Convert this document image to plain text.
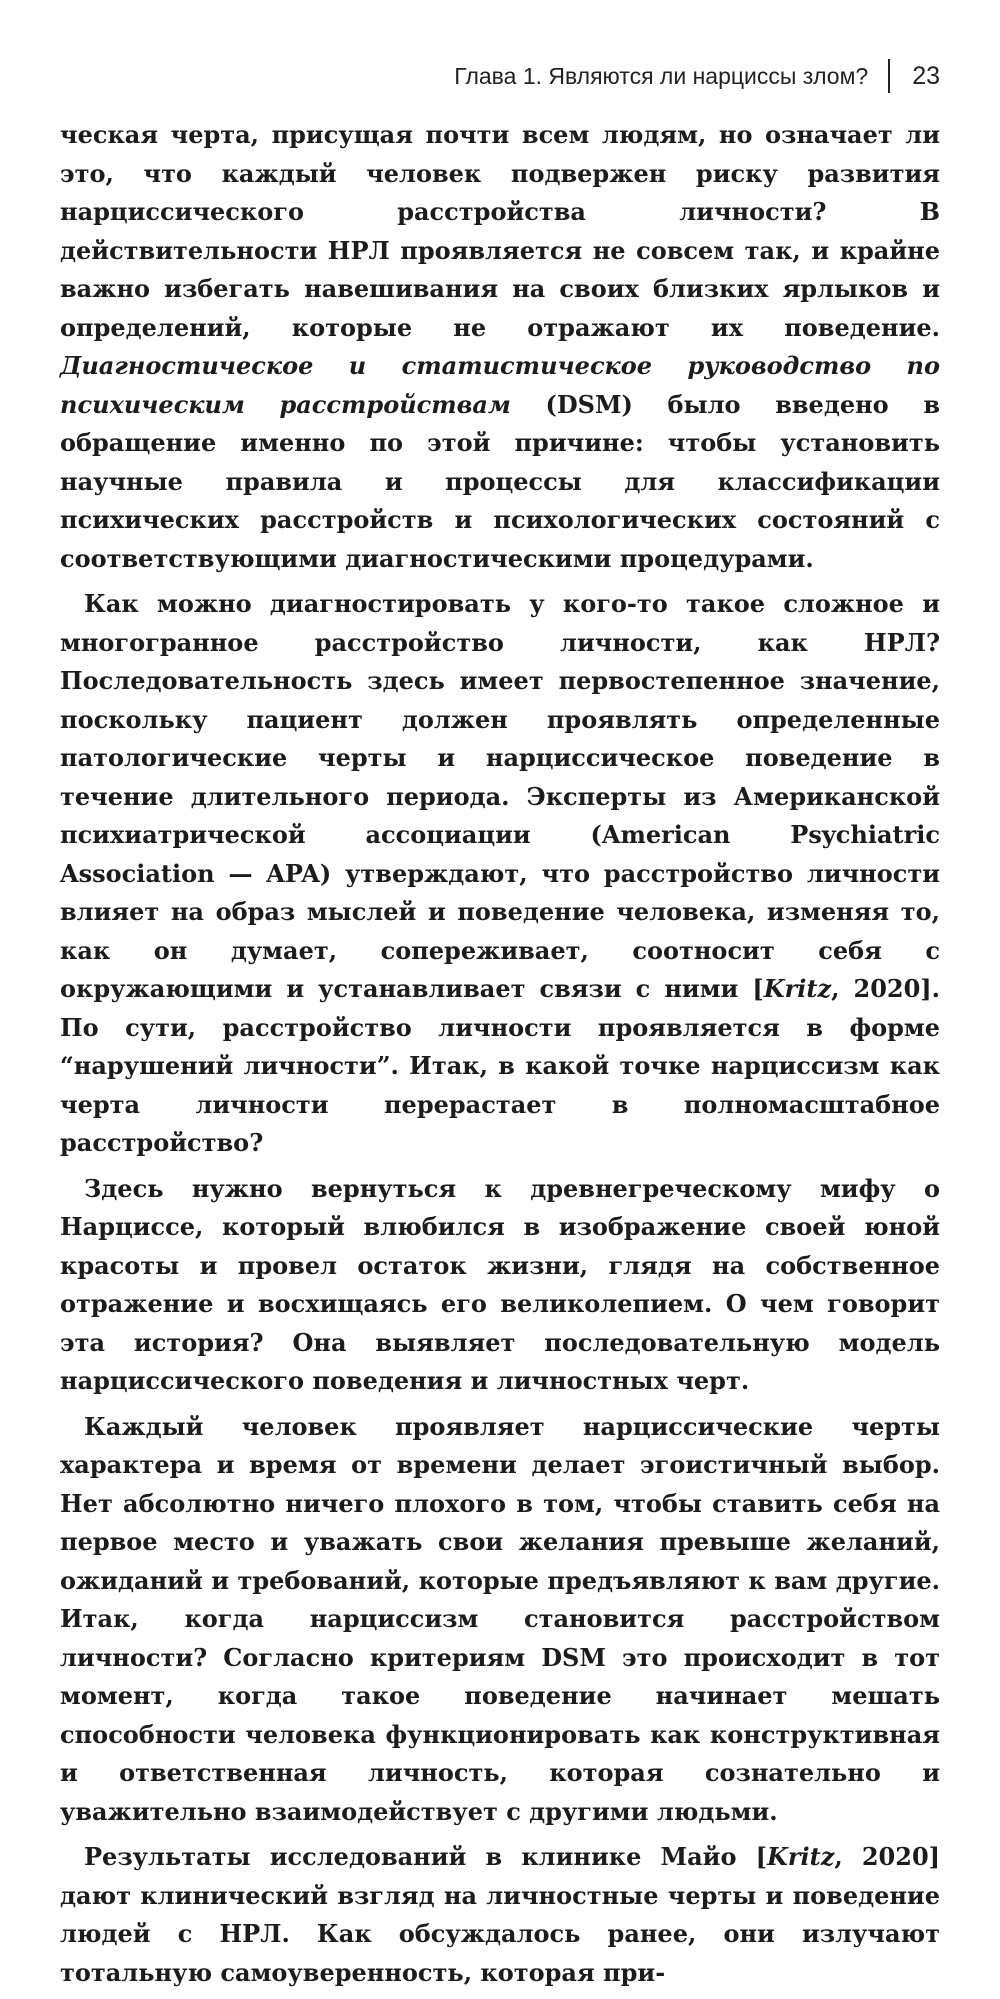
Глава 1. Являются ли нарциссы злом? 23

ческая черта, присущая почти всем людям, но означает ли это, что каждый человек подвержен риску развития нарциссического расстройства личности? В действительности НРЛ проявляется не совсем так, и крайне важно избегать навешивания на своих близких ярлыков и определений, которые не отражают их поведение. Диагностическое и статистическое руководство по психическим расстройствам (DSM) было введено в обращение именно по этой причине: чтобы установить научные правила и процессы для классификации психических расстройств и психологических состояний с соответствующими диагностическими процедурами.

Как можно диагностировать у кого-то такое сложное и многогранное расстройство личности, как НРЛ? Последовательность здесь имеет первостепенное значение, поскольку пациент должен проявлять определенные патологические черты и нарциссическое поведение в течение длительного периода. Эксперты из Американской психиатрической ассоциации (American Psychiatric Association — APA) утверждают, что расстройство личности влияет на образ мыслей и поведение человека, изменяя то, как он думает, сопереживает, соотносит себя с окружающими и устанавливает связи с ними [Kritz, 2020]. По сути, расстройство личности проявляется в форме “нарушений личности”. Итак, в какой точке нарциссизм как черта личности перерастает в полномасштабное расстройство?

Здесь нужно вернуться к древнегреческому мифу о Нарциссе, который влюбился в изображение своей юной красоты и провел остаток жизни, глядя на собственное отражение и восхищаясь его великолепием. О чем говорит эта история? Она выявляет последовательную модель нарциссического поведения и личностных черт.

Каждый человек проявляет нарциссические черты характера и время от времени делает эгоистичный выбор. Нет абсолютно ничего плохого в том, чтобы ставить себя на первое место и уважать свои желания превыше желаний, ожиданий и требований, которые предъявляют к вам другие. Итак, когда нарциссизм становится расстройством личности? Согласно критериям DSM это происходит в тот момент, когда такое поведение начинает мешать способности человека функционировать как конструктивная и ответственная личность, которая сознательно и уважительно взаимодействует с другими людьми.

Результаты исследований в клинике Майо [Kritz, 2020] дают клинический взгляд на личностные черты и поведение людей с НРЛ. Как обсуждалось ранее, они излучают тотальную самоуверенность, которая при-
